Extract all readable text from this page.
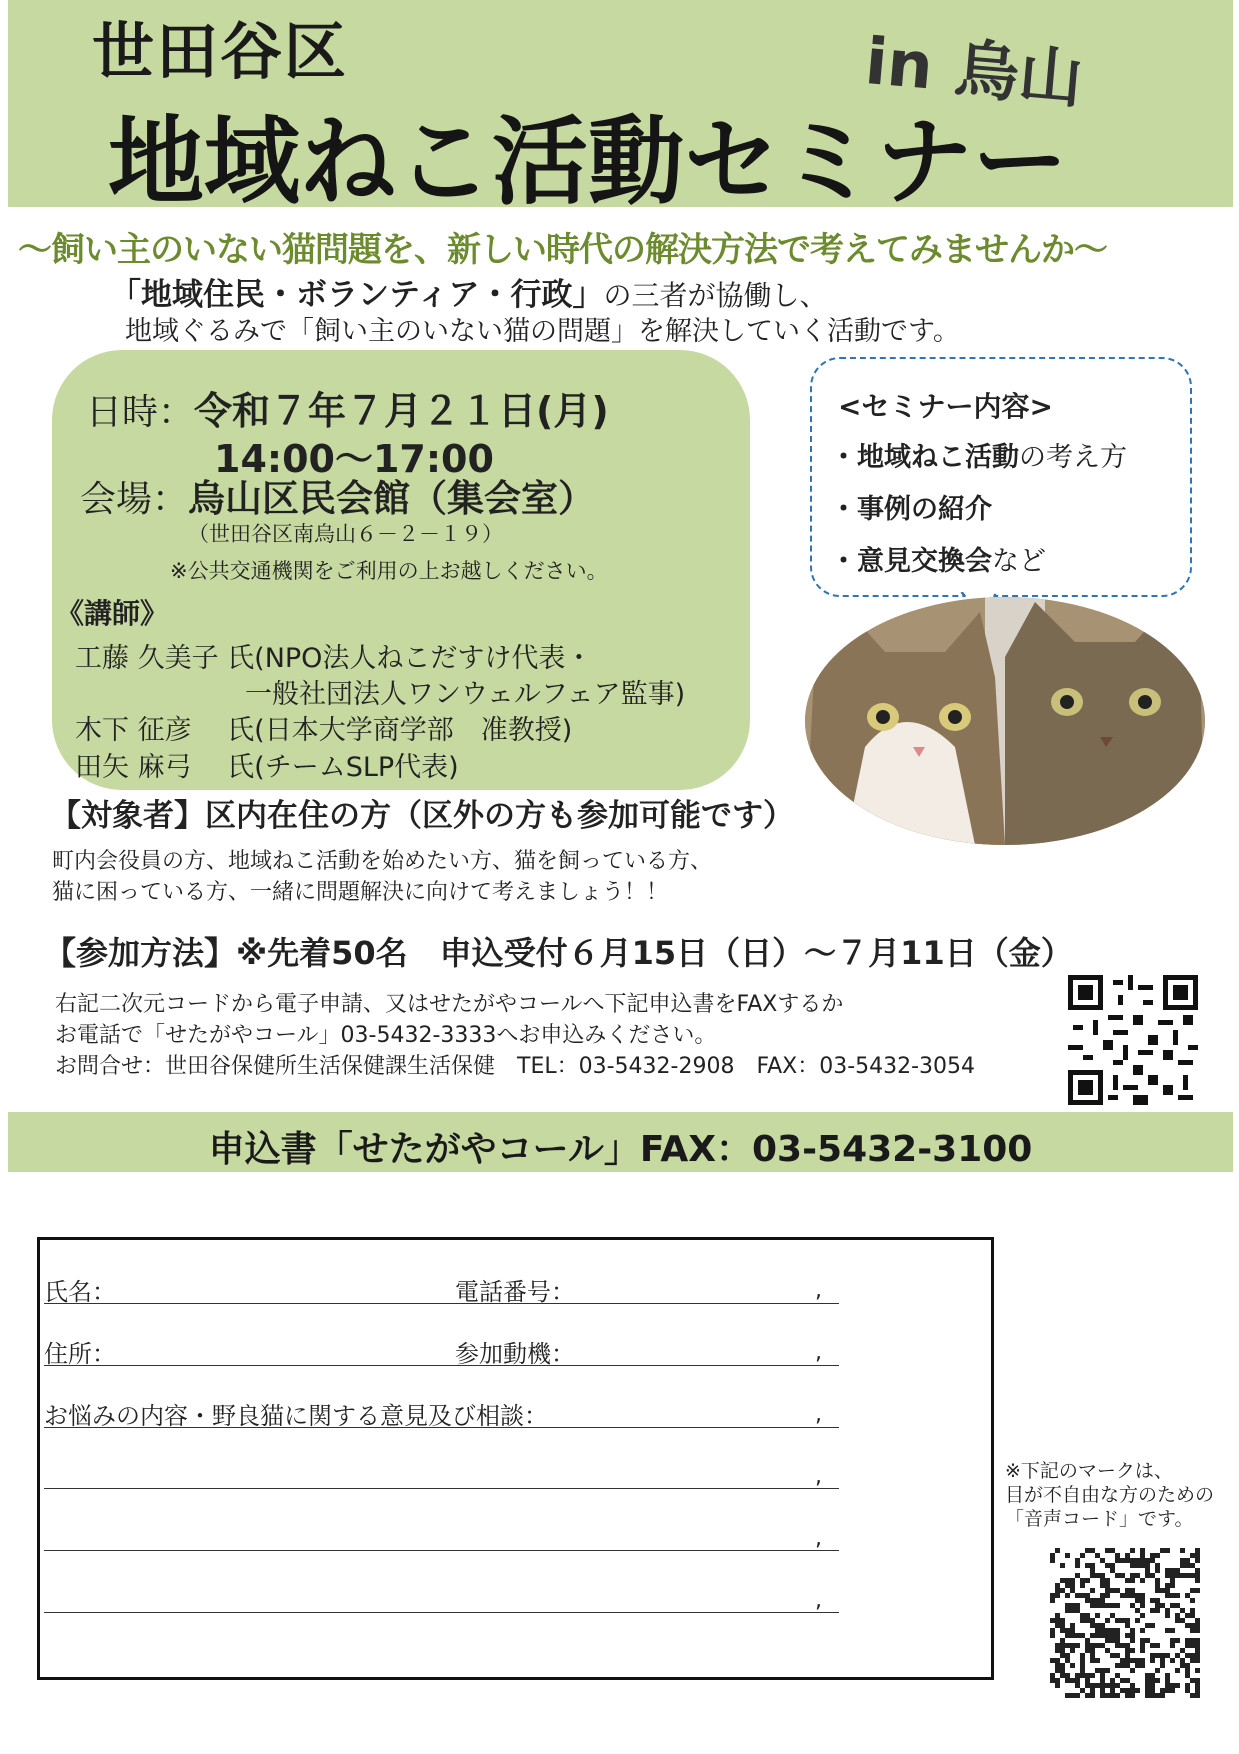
世田谷区
地域ねこ活動セミナー
in 烏山
～飼い主のいない猫問題を、新しい時代の解決方法で考えてみませんか～
「地域住民・ボランティア・行政」の三者が協働し、
地域ぐるみで「飼い主のいない猫の問題」を解決していく活動です。
日時：令和７年７月２１日(月)
14:00～17:00
会場：烏山区民会館（集会室）
（世田谷区南烏山６－２－１９）
※公共交通機関をご利用の上お越しください。
《講師》
工藤 久美子 氏(NPO法人ねこだすけ代表・
一般社団法人ワンウェルフェア監事)
木下 征彦　 氏(日本大学商学部　准教授)
田矢 麻弓　 氏(チームSLP代表)
<セミナー内容>
・地域ねこ活動の考え方
・事例の紹介
・意見交換会など
【対象者】区内在住の方（区外の方も参加可能です）
町内会役員の方、地域ねこ活動を始めたい方、猫を飼っている方、
猫に困っている方、一緒に問題解決に向けて考えましょう！！
【参加方法】※先着50名　申込受付６月15日（日）～７月11日（金）
右記二次元コードから電子申請、又はせたがやコールへ下記申込書をFAXするか
お電話で「せたがやコール」03-5432-3333へお申込みください。
お問合せ：世田谷保健所生活保健課生活保健　TEL：03-5432-2908　FAX：03-5432-3054
申込書「せたがやコール」FAX：03-5432-3100
氏名：	電話番号：	,
住所：	参加動機：	,
お悩みの内容・野良猫に関する意見及び相談：	,
,
,
,
※下記のマークは、
目が不自由な方のための
「音声コード」です。
